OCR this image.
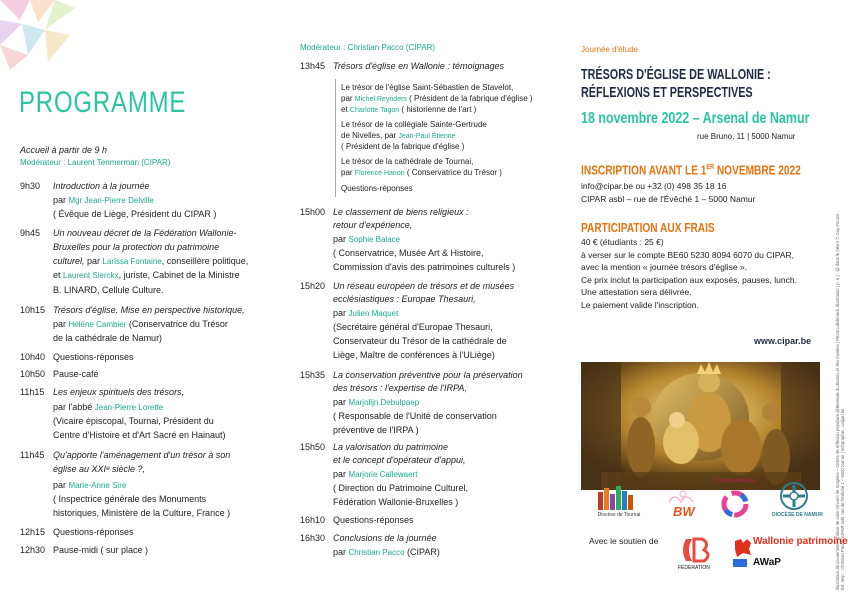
PROGRAMME
Accueil à partir de 9 h
Modérateur : Laurent Tenmerman (CIPAR)
9h30 Introduction à la journée
par Mgr Jean-Pierre Delville
( Évêque de Liège, Président du CIPAR )
9h45 Un nouveau décret de la Fédération Wallonie-
Bruxelles pour la protection du patrimoine
culturel, par Larissa Fontaine, conseillère politique,
et Laurent Sierckx, juriste, Cabinet de la Ministre
B. LINARD, Cellule Culture.
10h15 Trésors d'église. Mise en perspective historique,
par Hélène Cambier (Conservatrice du Trésor
de la cathédrale de Namur)
10h40 Questions-réponses
10h50 Pause-café
11h15 Les enjeux spirituels des trésors,
par l'abbé Jean-Pierre Lorette
(Vicaire épiscopal, Tournai, Président du
Centre d'Histoire et d'Art Sacré en Hainaut)
11h45 Qu'apporte l'aménagement d'un trésor à son
église au XXIᵉ siècle ?,
par Marie-Anne Sire
( Inspectrice générale des Monuments
historiques, Ministère de la Culture, France )
12h15 Questions-réponses
12h30 Pause-midi ( sur place )
Modérateur : Christian Pacco (CIPAR)
13h45 Trésors d'église en Wallonie : témoignages
Le trésor de l'église Saint-Sébastien de Stavelot,
par Michel Reynders ( Président de la fabrique d'église )
et Charlotte Tagon ( historienne de l'art )
Le trésor de la collégiale Sainte-Gertrude
de Nivelles, par Jean-Paul Étienne
( Président de la fabrique d'église )
Le trésor de la cathédrale de Tournai,
par Florence Hanon ( Conservatrice du Trésor )
Questions-réponses
15h00 Le classement de biens religieux :
retour d'expérience,
par Sophie Balace
( Conservatrice, Musée Art & Histoire,
Commission d'avis des patrimoines culturels )
15h20 Un réseau européen de trésors et de musées
ecclésiastiques : Europae Thesauri,
par Julien Maquet
(Secrétaire général d'Europae Thesauri,
Conservateur du Trésor de la cathédrale de
Liège, Maître de conférences à l'ULiège)
15h35 La conservation préventive pour la préservation
des trésors : l'expertise de l'IRPA,
par Marjolijn Debulpaep
( Responsable de l'Unité de conservation
préventive de l'IRPA )
15h50 La valorisation du patrimoine
et le concept d'opérateur d'appui,
par Marjorie Callewaert
( Direction du Patrimoine Culturel,
Fédération Wallonie-Bruxelles )
16h10 Questions-réponses
16h30 Conclusions de la journée
par Christian Pacco (CIPAR)
Journée d'étude
TRÉSORS D'ÉGLISE DE WALLONIE :
RÉFLEXIONS ET PERSPECTIVES
18 novembre 2022 – Arsenal de Namur
rue Bruno, 11 | 5000 Namur
INSCRIPTION AVANT LE 1ER NOVEMBRE 2022
info@cipar.be ou +32 (0) 498 35 18 16
CIPAR asbl – rue de l'Évêché 1 – 5000 Namur
PARTICIPATION AUX FRAIS
40 € (étudiants : 25 €)
à verser sur le compte BE60 5230 8094 6070 du CIPAR,
avec la mention « journée trésors d'église ».
Ce prix inclut la participation aux exposés, pauses, lunch.
Une attestation sera délivrée.
Le paiement valide l'inscription.
www.cipar.be
Diocèse de Tournai	BW
Diocèse de Liège
DIOCÈSE DE NAMUR
Avec le soutien de
FÉDÉRATION
Wallonie patrimoine
AWaP	Illustration de couverture : Châsse de saint-Vincent de Soignies – Centre de réflexion populaire @Biennale du Bossio et des musées | Photo Lillebroeck Illustration ( p. 6 ) : @ dans le trésor © Guy Focant Éd. resp. : Christian Pacco, CIPAR asbl, rue de l'Évêché 1 – 5000 Namur | Infographie : calgari.be
